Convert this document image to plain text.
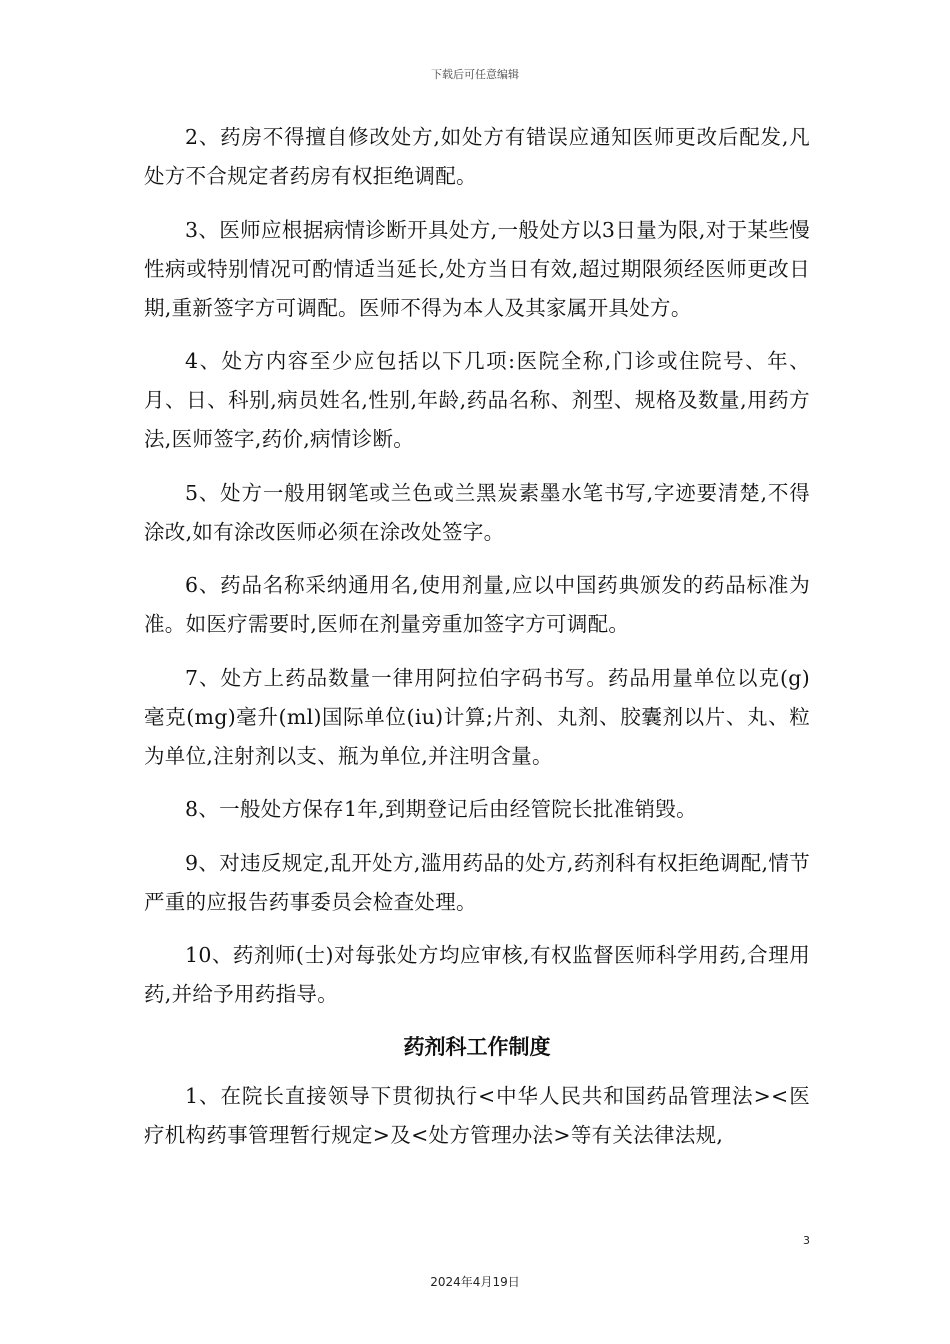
下载后可任意编辑

2、药房不得擅自修改处方,如处方有错误应通知医师更改后配发,凡处方不合规定者药房有权拒绝调配。

3、医师应根据病情诊断开具处方,一般处方以3日量为限,对于某些慢性病或特别情况可酌情适当延长,处方当日有效,超过期限须经医师更改日期,重新签字方可调配。医师不得为本人及其家属开具处方。

4、处方内容至少应包括以下几项:医院全称,门诊或住院号、年、月、日、科别,病员姓名,性别,年龄,药品名称、剂型、规格及数量,用药方法,医师签字,药价,病情诊断。

5、处方一般用钢笔或兰色或兰黑炭素墨水笔书写,字迹要清楚,不得涂改,如有涂改医师必须在涂改处签字。

6、药品名称采纳通用名,使用剂量,应以中国药典颁发的药品标准为准。如医疗需要时,医师在剂量旁重加签字方可调配。

7、处方上药品数量一律用阿拉伯字码书写。药品用量单位以克(g)毫克(mg)毫升(ml)国际单位(iu)计算;片剂、丸剂、胶囊剂以片、丸、粒为单位,注射剂以支、瓶为单位,并注明含量。

8、一般处方保存1年,到期登记后由经管院长批准销毁。

9、对违反规定,乱开处方,滥用药品的处方,药剂科有权拒绝调配,情节严重的应报告药事委员会检查处理。

10、药剂师(士)对每张处方均应审核,有权监督医师科学用药,合理用药,并给予用药指导。

药剂科工作制度

1、在院长直接领导下贯彻执行<中华人民共和国药品管理法><医疗机构药事管理暂行规定>及<处方管理办法>等有关法律法规,

3
2024年4月19日
